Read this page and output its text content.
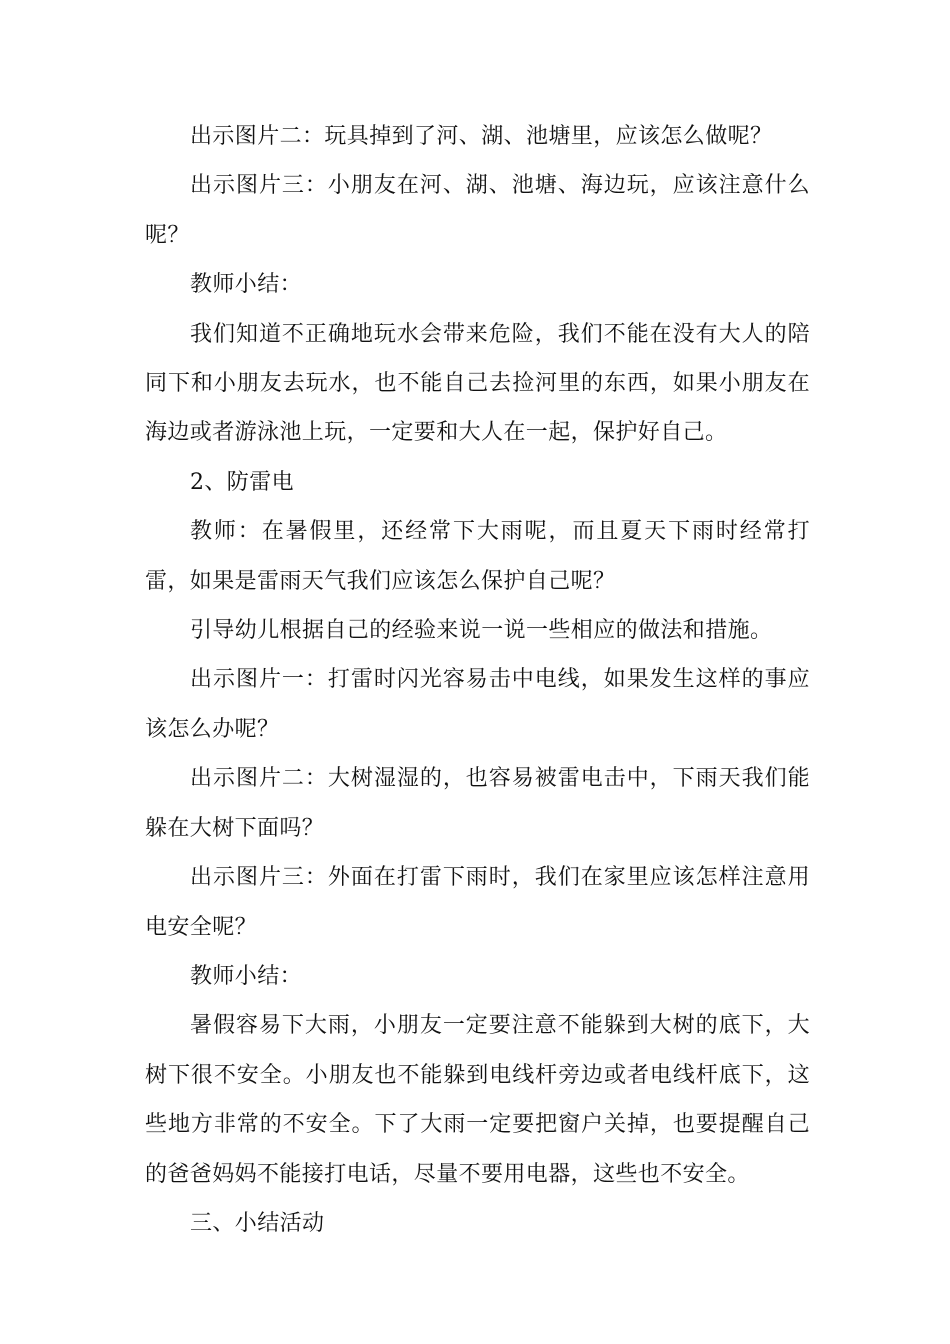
出示图片二：玩具掉到了河、湖、池塘里，应该怎么做呢？

出示图片三：小朋友在河、湖、池塘、海边玩，应该注意什么呢？

教师小结：

我们知道不正确地玩水会带来危险，我们不能在没有大人的陪同下和小朋友去玩水，也不能自己去捡河里的东西，如果小朋友在海边或者游泳池上玩，一定要和大人在一起，保护好自己。

2、防雷电

教师：在暑假里，还经常下大雨呢，而且夏天下雨时经常打雷，如果是雷雨天气我们应该怎么保护自己呢？

引导幼儿根据自己的经验来说一说一些相应的做法和措施。

出示图片一：打雷时闪光容易击中电线，如果发生这样的事应该怎么办呢？

出示图片二：大树湿湿的，也容易被雷电击中，下雨天我们能躲在大树下面吗？

出示图片三：外面在打雷下雨时，我们在家里应该怎样注意用电安全呢？

教师小结：

暑假容易下大雨，小朋友一定要注意不能躲到大树的底下，大树下很不安全。小朋友也不能躲到电线杆旁边或者电线杆底下，这些地方非常的不安全。下了大雨一定要把窗户关掉，也要提醒自己的爸爸妈妈不能接打电话，尽量不要用电器，这些也不安全。

三、小结活动
